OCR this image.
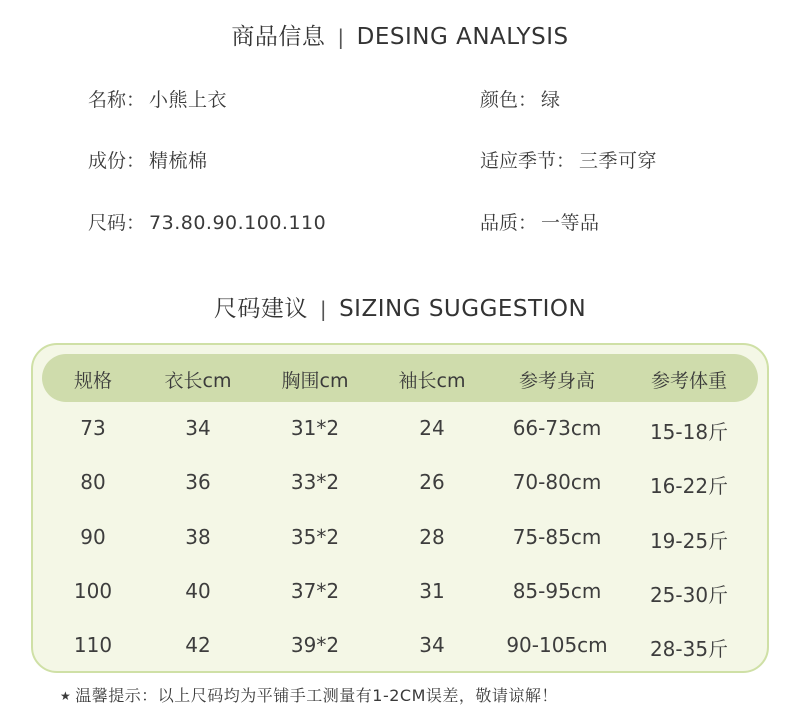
商品信息 | DESING ANALYSIS
名称： 小熊上衣	颜色： 绿
成份： 精梳棉	适应季节： 三季可穿
尺码： 73.80.90.100.110	品质： 一等品
尺码建议 | SIZING SUGGESTION
规格	衣长cm	胸围cm	袖长cm	参考身高	参考体重
73	34	31*2	24	66-73cm	15-18斤
80	36	33*2	26	70-80cm	16-22斤
90	38	35*2	28	75-85cm	19-25斤
100	40	37*2	31	85-95cm	25-30斤
110	42	39*2	34	90-105cm	28-35斤
★ 温馨提示：以上尺码均为平铺手工测量有1-2CM误差，敬请谅解！
